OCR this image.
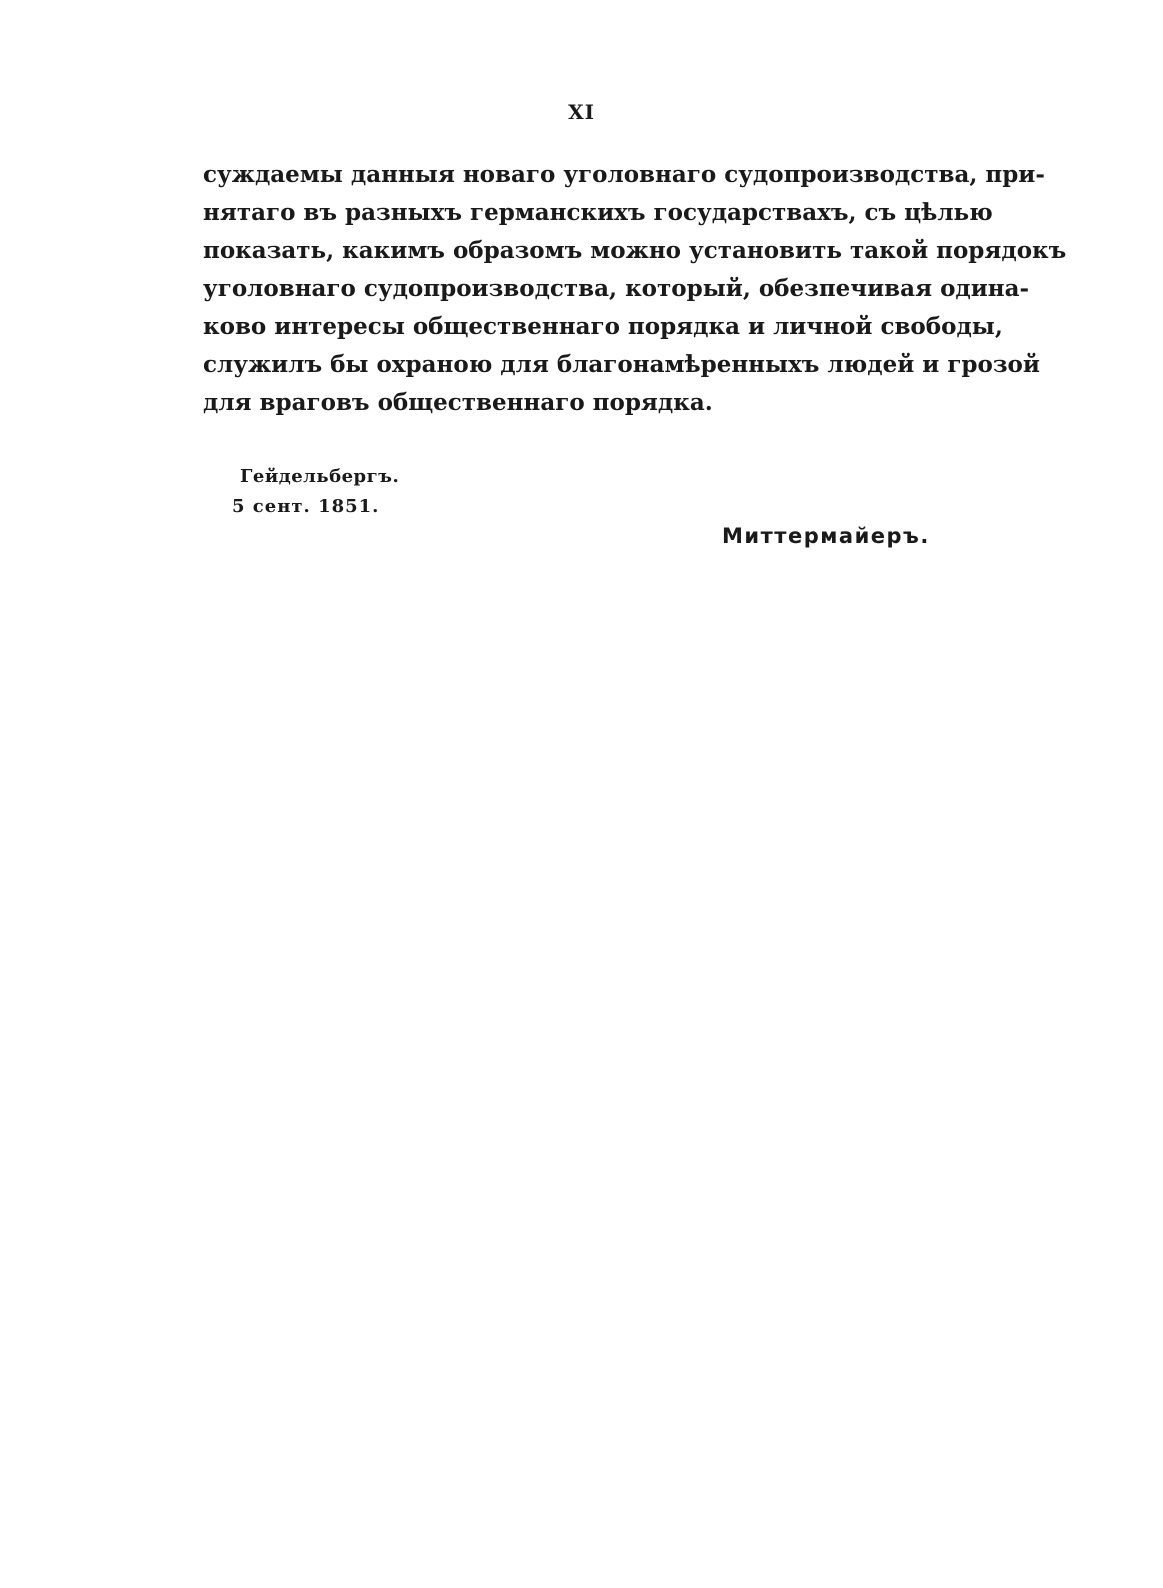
XI
суждаемы данныя новаго уголовнаго судопроизводства, при-
нятаго въ разныхъ германскихъ государствахъ, съ цѣлью
показать, какимъ образомъ можно установить такой порядокъ
уголовнаго судопроизводства, который, обезпечивая одина-
ково интересы общественнаго порядка и личной свободы,
служилъ бы охраною для благонамѣренныхъ людей и грозой
для враговъ общественнаго порядка.
Гейдельбергъ.
5 сент. 1851.
Миттермайеръ.
